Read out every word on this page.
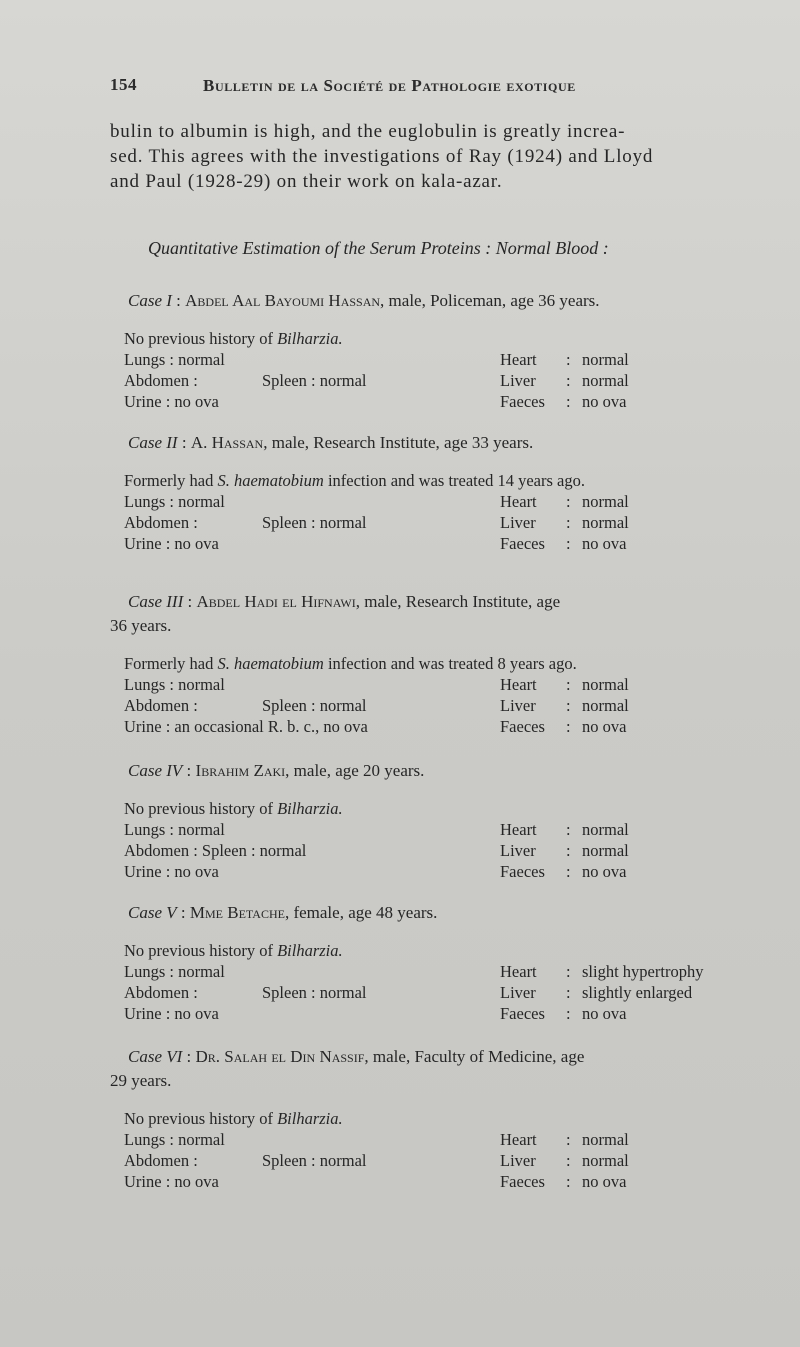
154	Bulletin de la Société de Pathologie exotique
bulin to albumin is high, and the euglobulin is greatly increa-
sed. This agrees with the investigations of Ray (1924) and Lloyd
and Paul (1928-29) on their work on kala-azar.
Quantitative Estimation of the Serum Proteins : Normal Blood :
Case I : Abdel Aal Bayoumi Hassan, male, Policeman, age 36 years.
No previous history of Bilharzia.
Lungs : normal	Heart : normal
Abdomen :	Spleen : normal	Liver : normal
Urine : no ova	Faeces : no ova
Case II : A. Hassan, male, Research Institute, age 33 years.
Formerly had S. haematobium infection and was treated 14 years ago.
Lungs : normal	Heart : normal
Abdomen :	Spleen : normal	Liver : normal
Urine : no ova	Faeces : no ova
Case III : Abdel Hadi el Hifnawi, male, Research Institute, age
36 years.
Formerly had S. haematobium infection and was treated 8 years ago.
Lungs : normal	Heart : normal
Abdomen :	Spleen : normal	Liver : normal
Urine : an occasional R. b. c., no ova	Faeces : no ova
Case IV : Ibrahim Zaki, male, age 20 years.
No previous history of Bilharzia.
Lungs : normal	Heart : normal
Abdomen : Spleen : normal	Liver : normal
Urine : no ova	Faeces : no ova
Case V : Mme Betache, female, age 48 years.
No previous history of Bilharzia.
Lungs : normal	Heart : slight hypertrophy
Abdomen :	Spleen : normal	Liver : slightly enlarged
Urine : no ova	Faeces : no ova
Case VI : Dr. Salah el Din Nassif, male, Faculty of Medicine, age
29 years.
No previous history of Bilharzia.
Lungs : normal	Heart : normal
Abdomen :	Spleen : normal	Liver : normal
Urine : no ova	Faeces : no ova
